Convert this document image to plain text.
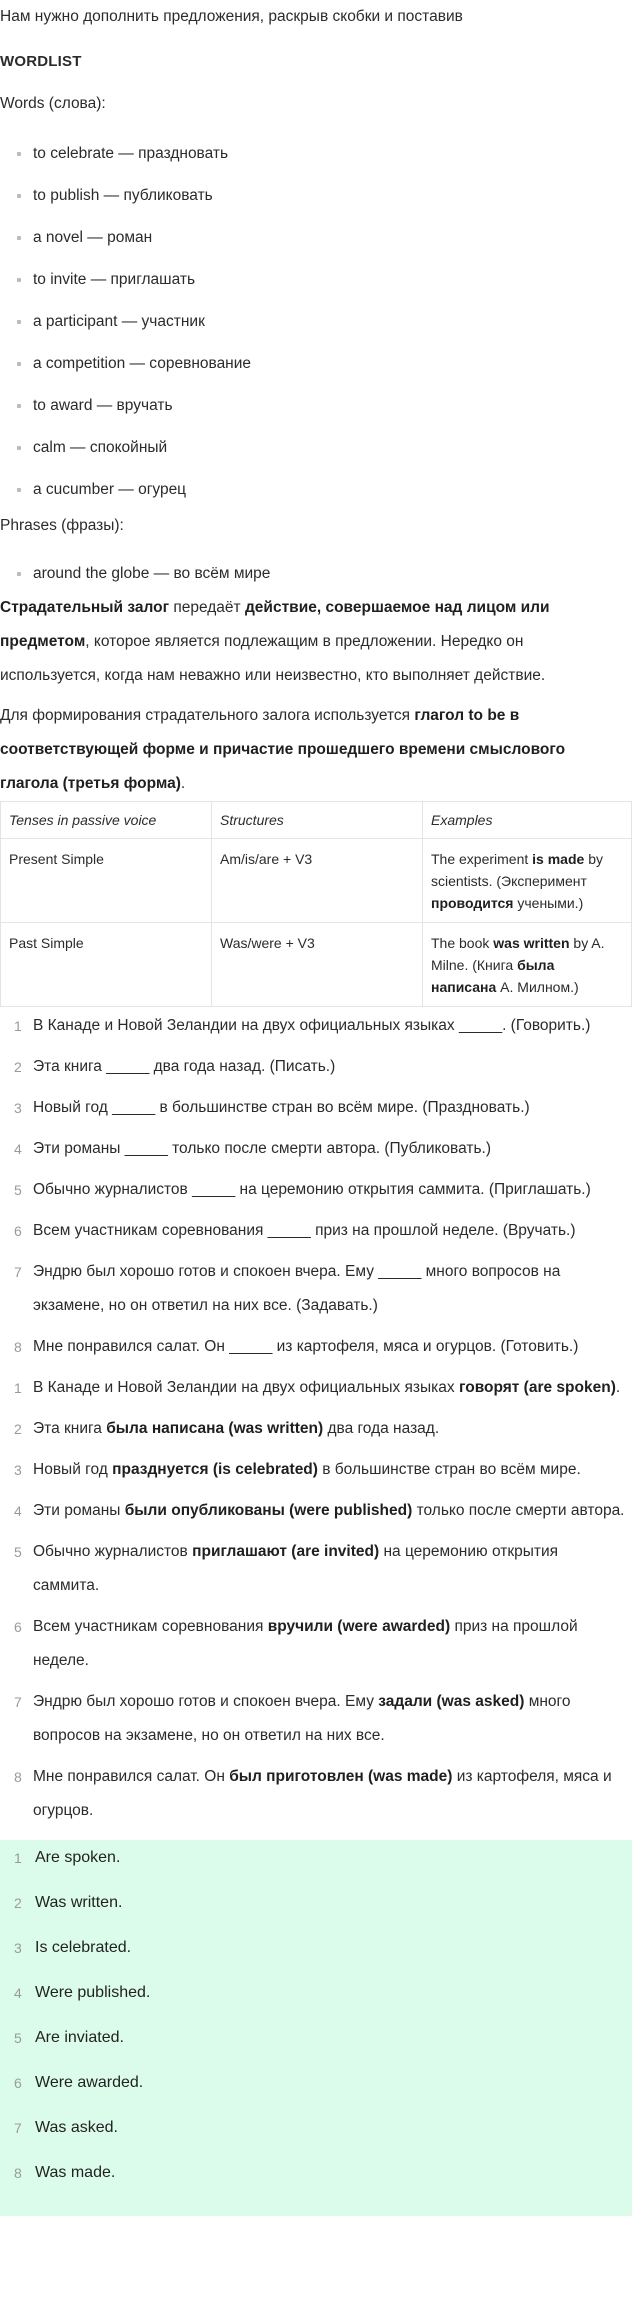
Нам нужно дополнить предложения, раскрыв скобки и поставив
WORDLIST
Words (слова):
to celebrate — праздновать
to publish — публиковать
a novel — роман
to invite — приглашать
a participant — участник
a competition — соревнование
to award — вручать
calm — спокойный
a cucumber — огурец
Phrases (фразы):
around the globe — во всём мире
Страдательный залог передаёт действие, совершаемое над лицом или предметом, которое является подлежащим в предложении. Нередко он используется, когда нам неважно или неизвестно, кто выполняет действие.
Для формирования страдательного залога используется глагол to be в соответствующей форме и причастие прошедшего времени смыслового глагола (третья форма).
Tenses in passive voice	Structures	Examples
Present Simple	Am/is/are + V3	The experiment is made by scientists. (Эксперимент проводится учеными.)
Past Simple	Was/were + V3	The book was written by A. Milne. (Книга была написана А. Милном.)
1 В Канаде и Новой Зеландии на двух официальных языках _____. (Говорить.)
2 Эта книга _____ два года назад. (Писать.)
3 Новый год _____ в большинстве стран во всём мире. (Праздновать.)
4 Эти романы _____ только после смерти автора. (Публиковать.)
5 Обычно журналистов _____ на церемонию открытия саммита. (Приглашать.)
6 Всем участникам соревнования _____ приз на прошлой неделе. (Вручать.)
7 Эндрю был хорошо готов и спокоен вчера. Ему _____ много вопросов на экзамене, но он ответил на них все. (Задавать.)
8 Мне понравился салат. Он _____ из картофеля, мяса и огурцов. (Готовить.)
1 В Канаде и Новой Зеландии на двух официальных языках говорят (are spoken).
2 Эта книга была написана (was written) два года назад.
3 Новый год празднуется (is celebrated) в большинстве стран во всём мире.
4 Эти романы были опубликованы (were published) только после смерти автора.
5 Обычно журналистов приглашают (are invited) на церемонию открытия саммита.
6 Всем участникам соревнования вручили (were awarded) приз на прошлой неделе.
7 Эндрю был хорошо готов и спокоен вчера. Ему задали (was asked) много вопросов на экзамене, но он ответил на них все.
8 Мне понравился салат. Он был приготовлен (was made) из картофеля, мяса и огурцов.
1 Are spoken.
2 Was written.
3 Is celebrated.
4 Were published.
5 Are inviated.
6 Were awarded.
7 Was asked.
8 Was made.
